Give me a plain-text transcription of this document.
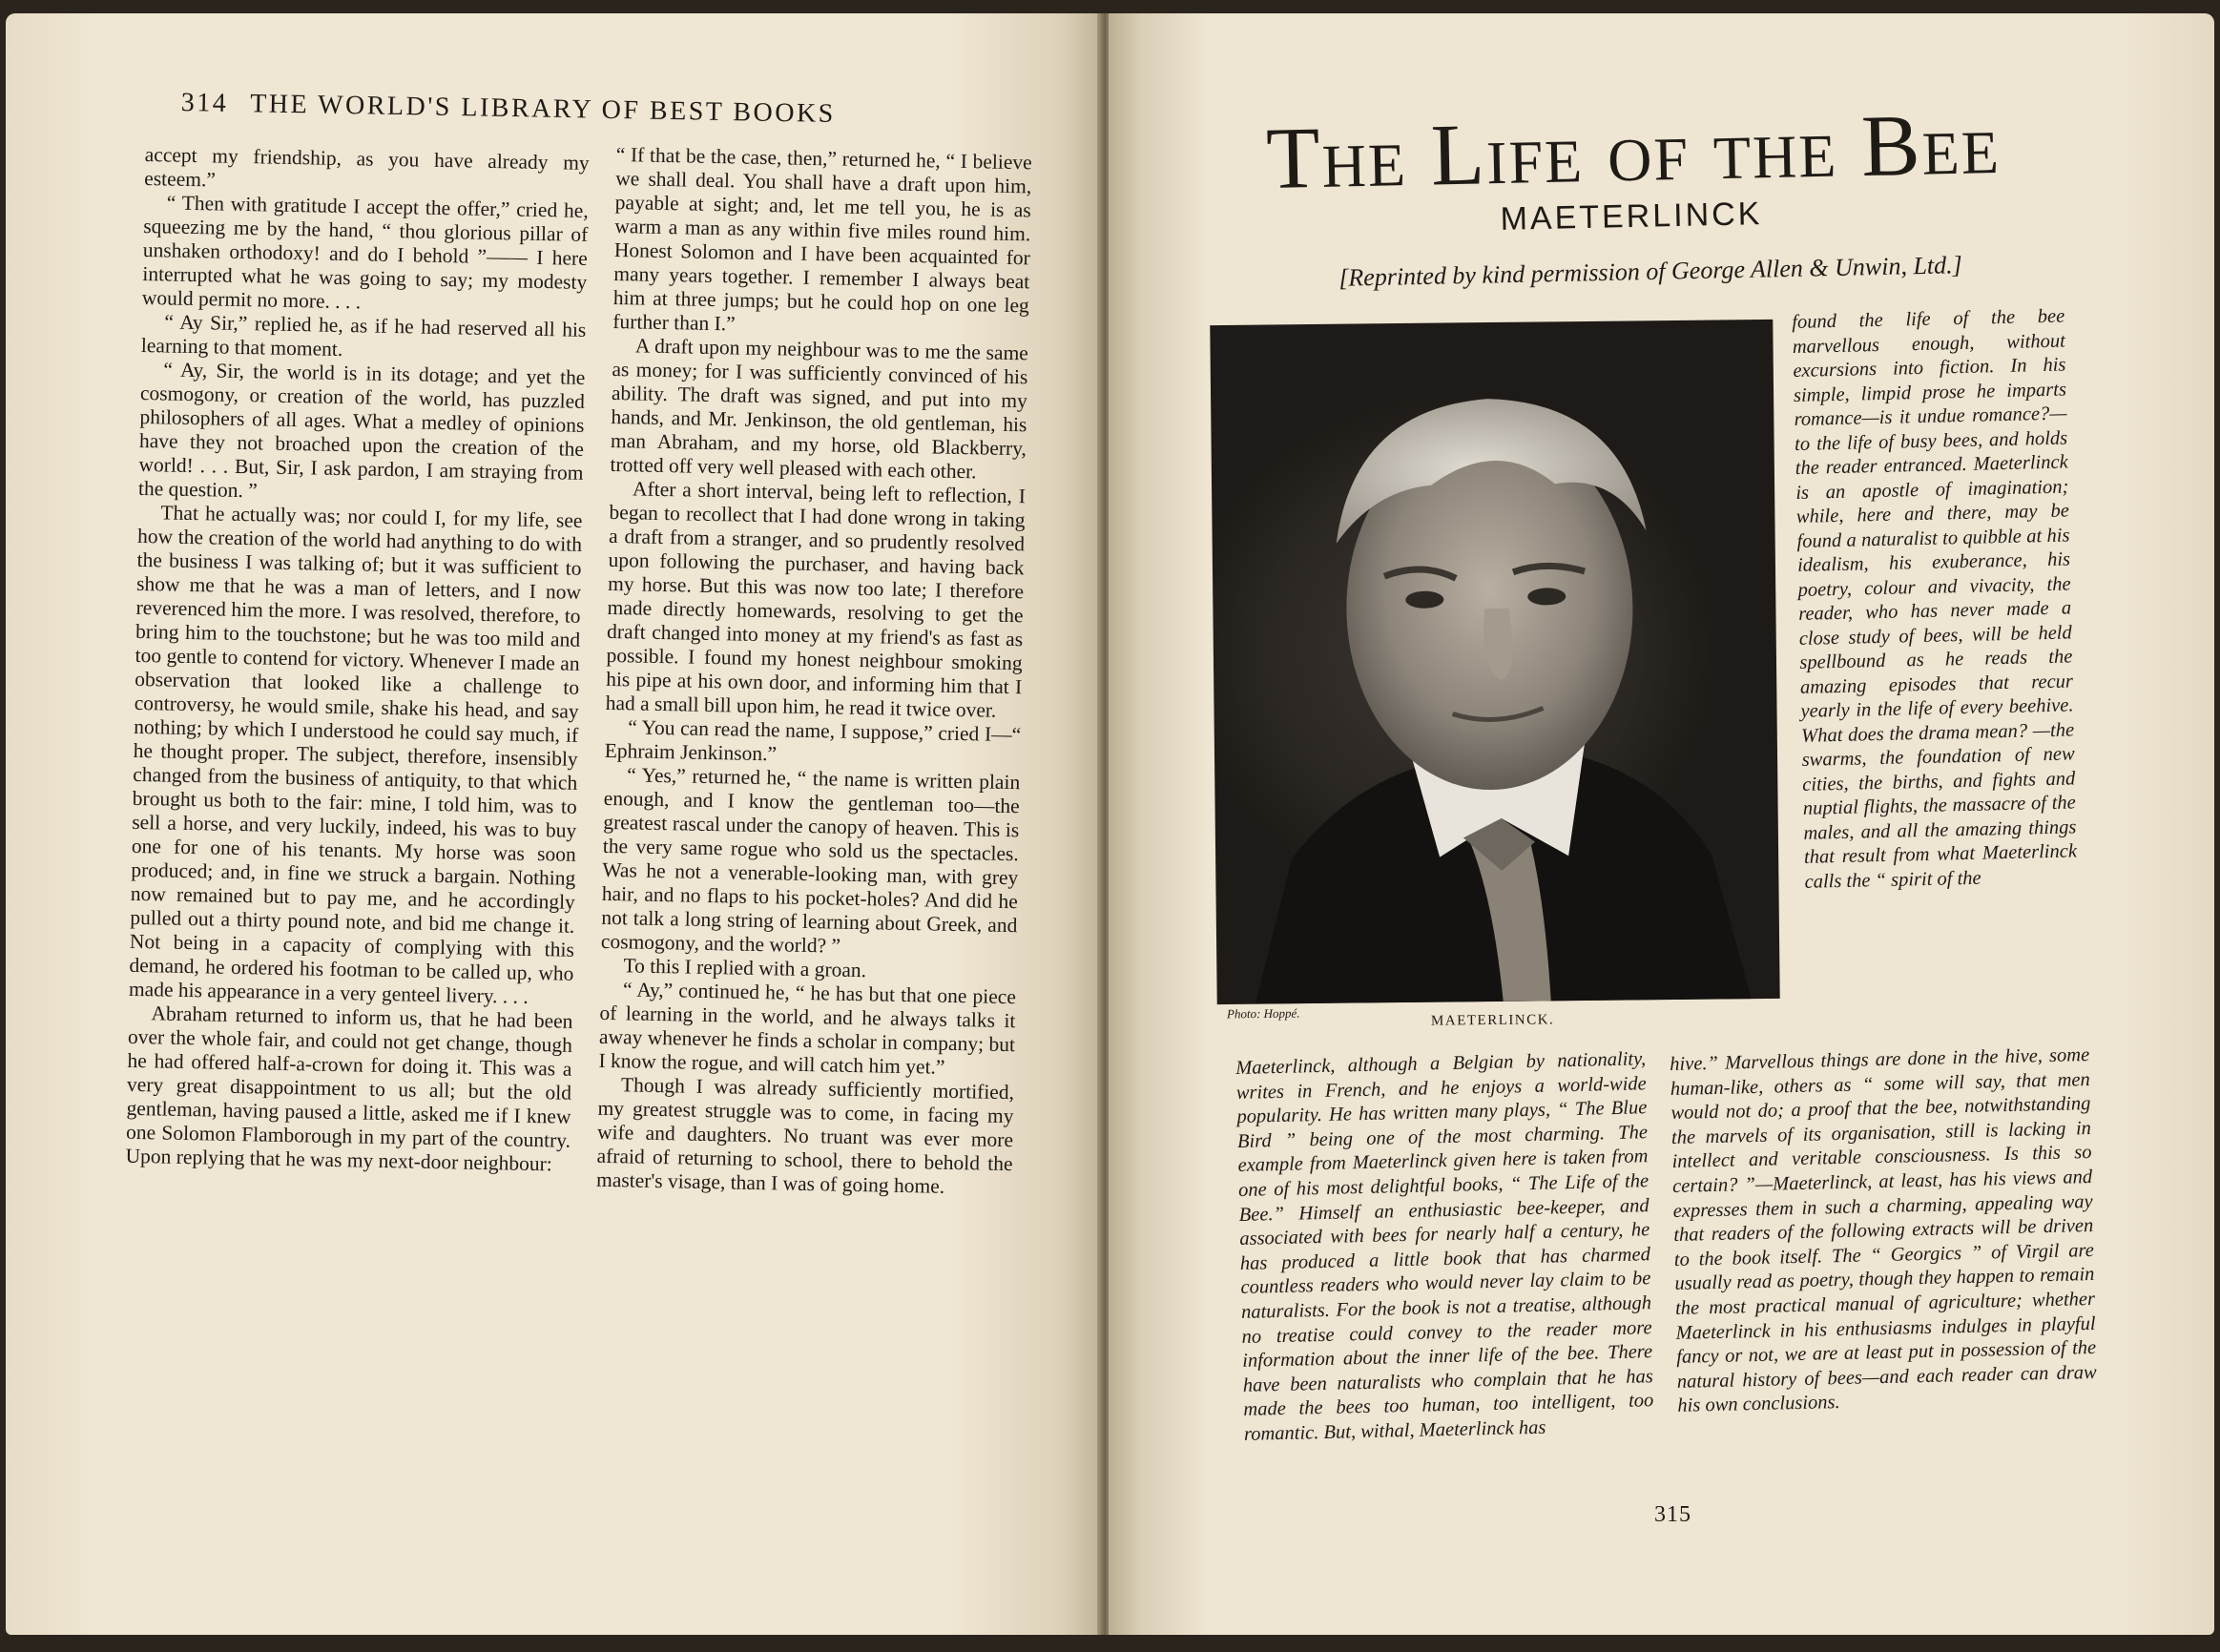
314 THE WORLD'S LIBRARY OF BEST BOOKS

accept my friendship, as you have already my esteem.”

“ Then with gratitude I accept the offer,” cried he, squeezing me by the hand, “ thou glorious pillar of unshaken orthodoxy! and do I behold ”—— I here interrupted what he was going to say; my modesty would permit no more. . . .

“ Ay Sir,” replied he, as if he had reserved all his learning to that moment.

“ Ay, Sir, the world is in its dotage; and yet the cosmogony, or creation of the world, has puzzled philosophers of all ages. What a medley of opinions have they not broached upon the creation of the world! . . . But, Sir, I ask pardon, I am straying from the question. ”

That he actually was; nor could I, for my life, see how the creation of the world had anything to do with the business I was talking of; but it was sufficient to show me that he was a man of letters, and I now reverenced him the more. I was resolved, therefore, to bring him to the touchstone; but he was too mild and too gentle to contend for victory. Whenever I made an observation that looked like a challenge to controversy, he would smile, shake his head, and say nothing; by which I understood he could say much, if he thought proper. The subject, therefore, insensibly changed from the business of antiquity, to that which brought us both to the fair: mine, I told him, was to sell a horse, and very luckily, indeed, his was to buy one for one of his tenants. My horse was soon produced; and, in fine we struck a bargain. Nothing now remained but to pay me, and he accordingly pulled out a thirty pound note, and bid me change it. Not being in a capacity of complying with this demand, he ordered his footman to be called up, who made his appearance in a very genteel livery. . . .

Abraham returned to inform us, that he had been over the whole fair, and could not get change, though he had offered half-a-crown for doing it. This was a very great disappointment to us all; but the old gentleman, having paused a little, asked me if I knew one Solomon Flamborough in my part of the country. Upon replying that he was my next-door neighbour:

“ If that be the case, then,” returned he, “ I believe we shall deal. You shall have a draft upon him, payable at sight; and, let me tell you, he is as warm a man as any within five miles round him. Honest Solomon and I have been acquainted for many years together. I remember I always beat him at three jumps; but he could hop on one leg further than I.”

A draft upon my neighbour was to me the same as money; for I was sufficiently convinced of his ability. The draft was signed, and put into my hands, and Mr. Jenkinson, the old gentleman, his man Abraham, and my horse, old Blackberry, trotted off very well pleased with each other.

After a short interval, being left to reflection, I began to recollect that I had done wrong in taking a draft from a stranger, and so prudently resolved upon following the purchaser, and having back my horse. But this was now too late; I therefore made directly homewards, resolving to get the draft changed into money at my friend's as fast as possible. I found my honest neighbour smoking his pipe at his own door, and informing him that I had a small bill upon him, he read it twice over.

“ You can read the name, I suppose,” cried I—“ Ephraim Jenkinson.”

“ Yes,” returned he, “ the name is written plain enough, and I know the gentleman too—the greatest rascal under the canopy of heaven. This is the very same rogue who sold us the spectacles. Was he not a venerable-looking man, with grey hair, and no flaps to his pocket-holes? And did he not talk a long string of learning about Greek, and cosmogony, and the world? ”

To this I replied with a groan.

“ Ay,” continued he, “ he has but that one piece of learning in the world, and he always talks it away whenever he finds a scholar in company; but I know the rogue, and will catch him yet.”

Though I was already sufficiently mortified, my greatest struggle was to come, in facing my wife and daughters. No truant was ever more afraid of returning to school, there to behold the master's visage, than I was of going home.

The Life of the Bee
MAETERLINCK
[Reprinted by kind permission of George Allen & Unwin, Ltd.]
Photo: Hoppé.	MAETERLINCK.

found the life of the bee marvellous enough, without excursions into fiction. In his simple, limpid prose he imparts romance—is it undue romance?—to the life of busy bees, and holds the reader entranced. Maeterlinck is an apostle of imagination; while, here and there, may be found a naturalist to quibble at his idealism, his exuberance, his poetry, colour and vivacity, the reader, who has never made a close study of bees, will be held spellbound as he reads the amazing episodes that recur yearly in the life of every beehive. What does the drama mean? —the swarms, the foundation of new cities, the births, and fights and nuptial flights, the massacre of the males, and all the amazing things that result from what Maeterlinck calls the “ spirit of the

Maeterlinck, although a Belgian by nationality, writes in French, and he enjoys a world-wide popularity. He has written many plays, “ The Blue Bird ” being one of the most charming. The example from Maeterlinck given here is taken from one of his most delightful books, “ The Life of the Bee.” Himself an enthusiastic bee-keeper, and associated with bees for nearly half a century, he has produced a little book that has charmed countless readers who would never lay claim to be naturalists. For the book is not a treatise, although no treatise could convey to the reader more information about the inner life of the bee. There have been naturalists who complain that he has made the bees too human, too intelligent, too romantic. But, withal, Maeterlinck has

hive.” Marvellous things are done in the hive, some human-like, others as “ some will say, that men would not do; a proof that the bee, notwithstanding the marvels of its organisation, still is lacking in intellect and veritable consciousness. Is this so certain? ”—Maeterlinck, at least, has his views and expresses them in such a charming, appealing way that readers of the following extracts will be driven to the book itself. The “ Georgics ” of Virgil are usually read as poetry, though they happen to remain the most practical manual of agriculture; whether Maeterlinck in his enthusiasms indulges in playful fancy or not, we are at least put in possession of the natural history of bees—and each reader can draw his own conclusions.

315
